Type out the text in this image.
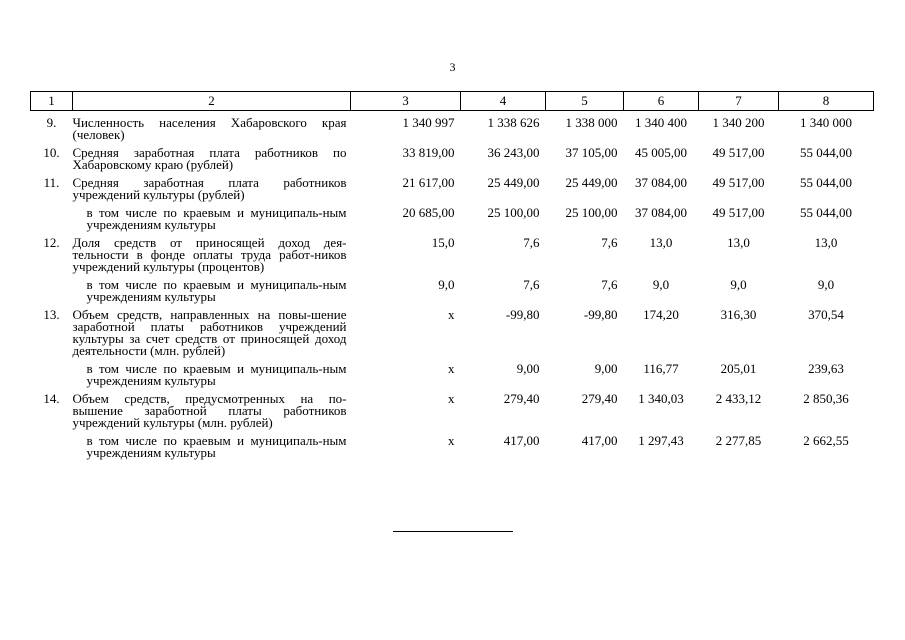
3
1	2	3	4	5	6	7	8
9.	Численность населения Хабаровского края (человек)	1 340 997	1 338 626	1 338 000	1 340 400	1 340 200	1 340 000
10.	Средняя заработная плата работников по Хабаровскому краю (рублей)	33 819,00	36 243,00	37 105,00	45 005,00	49 517,00	55 044,00
11.	Средняя заработная плата работников учреждений культуры (рублей)	21 617,00	25 449,00	25 449,00	37 084,00	49 517,00	55 044,00
	в том числе по краевым и муниципаль-ным учреждениям культуры	20 685,00	25 100,00	25 100,00	37 084,00	49 517,00	55 044,00
12.	Доля средств от приносящей доход дея-тельности в фонде оплаты труда работ-ников учреждений культуры (процентов)	15,0	7,6	7,6	13,0	13,0	13,0
	в том числе по краевым и муниципаль-ным учреждениям культуры	9,0	7,6	7,6	9,0	9,0	9,0
13.	Объем средств, направленных на повы-шение заработной платы работников учреждений культуры за счет средств от приносящей доход деятельности (млн. рублей)	x	-99,80	-99,80	174,20	316,30	370,54
	в том числе по краевым и муниципаль-ным учреждениям культуры	x	9,00	9,00	116,77	205,01	239,63
14.	Объем средств, предусмотренных на по-вышение заработной платы работников учреждений культуры (млн. рублей)	x	279,40	279,40	1 340,03	2 433,12	2 850,36
	в том числе по краевым и муниципаль-ным учреждениям культуры	x	417,00	417,00	1 297,43	2 277,85	2 662,55
